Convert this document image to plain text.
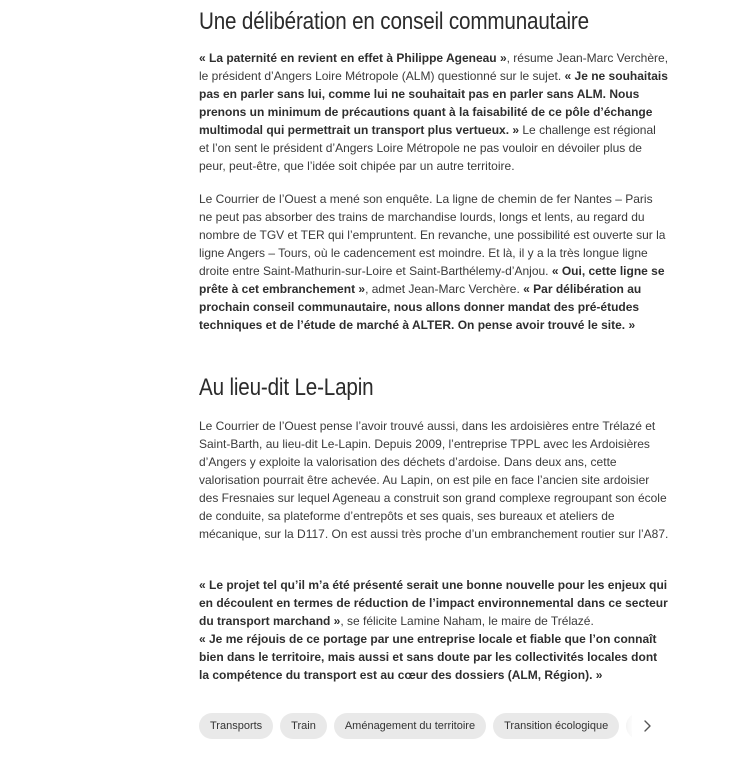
Une délibération en conseil communautaire

« La paternité en revient en effet à Philippe Ageneau », résume Jean-Marc Verchère, le président d’Angers Loire Métropole (ALM) questionné sur le sujet. « Je ne souhaitais pas en parler sans lui, comme lui ne souhaitait pas en parler sans ALM. Nous prenons un minimum de précautions quant à la faisabilité de ce pôle d’échange multimodal qui permettrait un transport plus vertueux. » Le challenge est régional et l’on sent le président d’Angers Loire Métropole ne pas vouloir en dévoiler plus de peur, peut-être, que l’idée soit chipée par un autre territoire.

Le Courrier de l’Ouest a mené son enquête. La ligne de chemin de fer Nantes – Paris ne peut pas absorber des trains de marchandise lourds, longs et lents, au regard du nombre de TGV et TER qui l’empruntent. En revanche, une possibilité est ouverte sur la ligne Angers – Tours, où le cadencement est moindre. Et là, il y a la très longue ligne droite entre Saint-Mathurin-sur-Loire et Saint-Barthélemy-d’Anjou. « Oui, cette ligne se prête à cet embranchement », admet Jean-Marc Verchère. « Par délibération au prochain conseil communautaire, nous allons donner mandat des pré-études techniques et de l’étude de marché à ALTER. On pense avoir trouvé le site. »

Au lieu-dit Le-Lapin

Le Courrier de l’Ouest pense l’avoir trouvé aussi, dans les ardoisières entre Trélazé et Saint-Barth, au lieu-dit Le-Lapin. Depuis 2009, l’entreprise TPPL avec les Ardoisières d’Angers y exploite la valorisation des déchets d’ardoise. Dans deux ans, cette valorisation pourrait être achevée. Au Lapin, on est pile en face l’ancien site ardoisier des Fresnaies sur lequel Ageneau a construit son grand complexe regroupant son école de conduite, sa plateforme d’entrepôts et ses quais, ses bureaux et ateliers de mécanique, sur la D117. On est aussi très proche d’un embranchement routier sur l’A87.

« Le projet tel qu’il m’a été présenté serait une bonne nouvelle pour les enjeux qui en découlent en termes de réduction de l’impact environnemental dans ce secteur du transport marchand », se félicite Lamine Naham, le maire de Trélazé.
« Je me réjouis de ce portage par une entreprise locale et fiable que l’on connaît bien dans le territoire, mais aussi et sans doute par les collectivités locales dont la compétence du transport est au cœur des dossiers (ALM, Région). »

Transports	Train	Aménagement du territoire	Transition écologique
